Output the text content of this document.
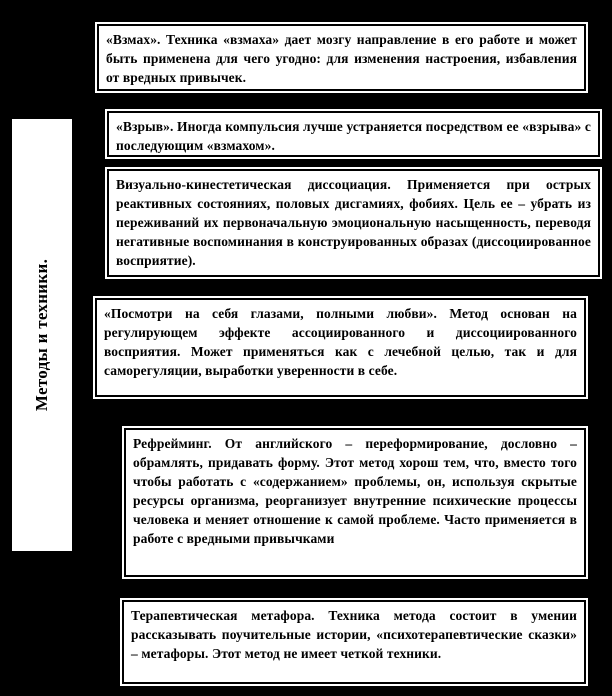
Методы и техники.

«Взмах». Техника «взмаха» дает мозгу направление в его работе и может быть применена для чего угодно: для изменения настроения, избавления от вредных привычек.

«Взрыв». Иногда компульсия лучше устраняется посредством ее «взрыва» с последующим «взмахом».

Визуально-кинестетическая диссоциация. Применяется при острых реактивных состояниях, половых дисгамиях, фобиях. Цель ее – убрать из переживаний их первоначальную эмоциональную насыщенность, переводя негативные воспоминания в конструированных образах (диссоциированное восприятие).

«Посмотри на себя глазами, полными любви». Метод основан на регулирующем эффекте ассоциированного и диссоциированного восприятия. Может применяться как с лечебной целью, так и для саморегуляции, выработки уверенности в себе.

Рефрейминг. От английского – переформирование, дословно – обрамлять, придавать форму. Этот метод хорош тем, что, вместо того чтобы работать с «содержанием» проблемы, он, используя скрытые ресурсы организма, реорганизует внутренние психические процессы человека и меняет отношение к самой проблеме. Часто применяется в работе с вредными привычками

Терапевтическая метафора. Техника метода состоит в умении рассказывать поучительные истории, «психотерапевтические сказки» – метафоры. Этот метод не имеет четкой техники.
